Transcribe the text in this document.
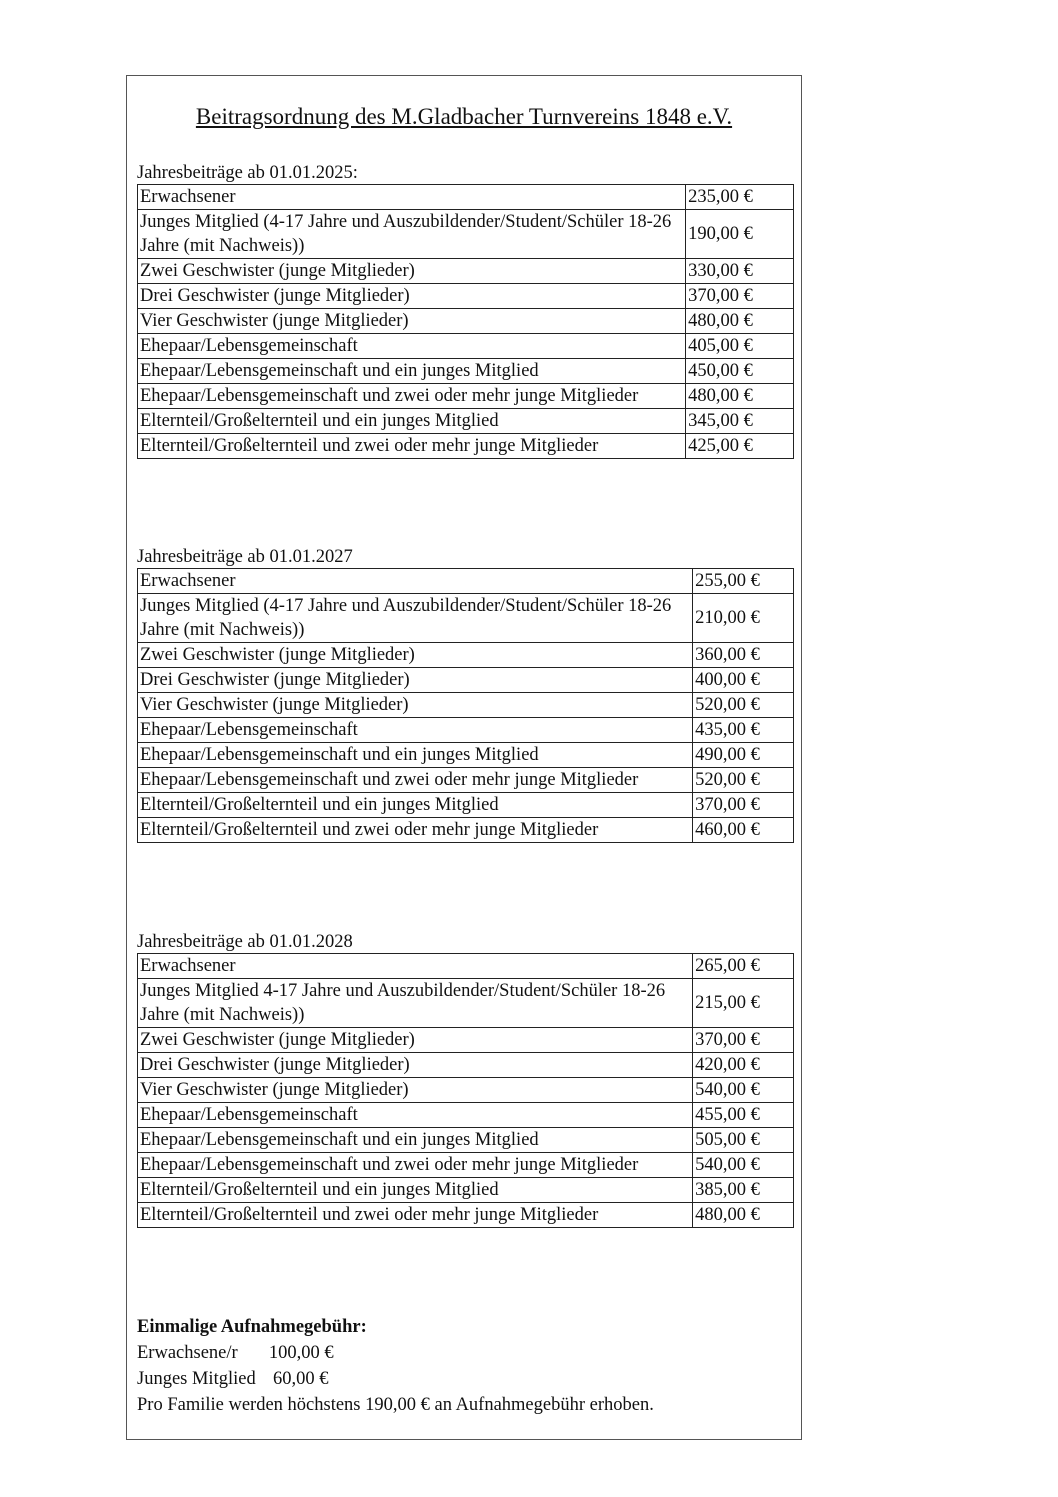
Beitragsordnung des M.Gladbacher Turnvereins 1848 e.V.
Jahresbeiträge ab 01.01.2025:
Erwachsener	235,00 €
Junges Mitglied (4-17 Jahre und Auszubildender/Student/Schüler 18-26 Jahre (mit Nachweis))	190,00 €
Zwei Geschwister (junge Mitglieder)	330,00 €
Drei Geschwister (junge Mitglieder)	370,00 €
Vier Geschwister (junge Mitglieder)	480,00 €
Ehepaar/Lebensgemeinschaft	405,00 €
Ehepaar/Lebensgemeinschaft und ein junges Mitglied	450,00 €
Ehepaar/Lebensgemeinschaft und zwei oder mehr junge Mitglieder	480,00 €
Elternteil/Großelternteil und ein junges Mitglied	345,00 €
Elternteil/Großelternteil und zwei oder mehr junge Mitglieder	425,00 €
Jahresbeiträge ab 01.01.2027
Erwachsener	255,00 €
Junges Mitglied (4-17 Jahre und Auszubildender/Student/Schüler 18-26 Jahre (mit Nachweis))	210,00 €
Zwei Geschwister (junge Mitglieder)	360,00 €
Drei Geschwister (junge Mitglieder)	400,00 €
Vier Geschwister (junge Mitglieder)	520,00 €
Ehepaar/Lebensgemeinschaft	435,00 €
Ehepaar/Lebensgemeinschaft und ein junges Mitglied	490,00 €
Ehepaar/Lebensgemeinschaft und zwei oder mehr junge Mitglieder	520,00 €
Elternteil/Großelternteil und ein junges Mitglied	370,00 €
Elternteil/Großelternteil und zwei oder mehr junge Mitglieder	460,00 €
Jahresbeiträge ab 01.01.2028
Erwachsener	265,00 €
Junges Mitglied 4-17 Jahre und Auszubildender/Student/Schüler 18-26 Jahre (mit Nachweis))	215,00 €
Zwei Geschwister (junge Mitglieder)	370,00 €
Drei Geschwister (junge Mitglieder)	420,00 €
Vier Geschwister (junge Mitglieder)	540,00 €
Ehepaar/Lebensgemeinschaft	455,00 €
Ehepaar/Lebensgemeinschaft und ein junges Mitglied	505,00 €
Ehepaar/Lebensgemeinschaft und zwei oder mehr junge Mitglieder	540,00 €
Elternteil/Großelternteil und ein junges Mitglied	385,00 €
Elternteil/Großelternteil und zwei oder mehr junge Mitglieder	480,00 €
Einmalige Aufnahmegebühr:
Erwachsene/r 100,00 €
Junges Mitglied 60,00 €
Pro Familie werden höchstens 190,00 € an Aufnahmegebühr erhoben.
